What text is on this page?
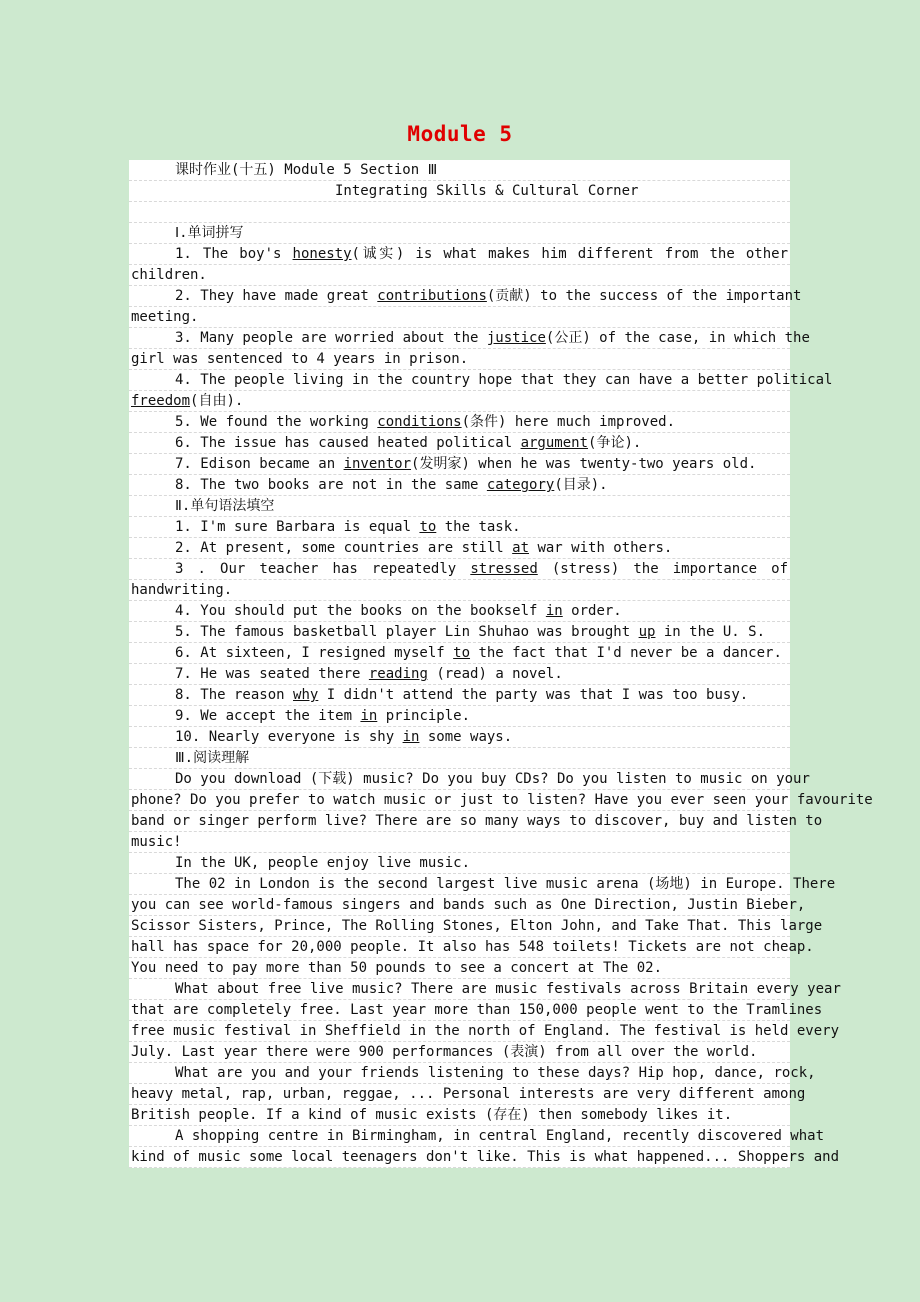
Module 5
课时作业(十五) Module 5 Section Ⅲ
Integrating Skills & Cultural Corner
Ⅰ.单词拼写
1. The boy's honesty(诚实) is what makes him different from the other
children.
2. They have made great contributions(贡献) to the success of the important
meeting.
3. Many people are worried about the justice(公正) of the case, in which the
girl was sentenced to 4 years in prison.
4. The people living in the country hope that they can have a better political
freedom(自由).
5. We found the working conditions(条件) here much improved.
6. The issue has caused heated political argument(争论).
7. Edison became an inventor(发明家) when he was twenty-two years old.
8. The two books are not in the same category(目录).
Ⅱ.单句语法填空
1. I'm sure Barbara is equal to the task.
2. At present, some countries are still at war with others.
3 . Our teacher has repeatedly stressed (stress) the importance of
handwriting.
4. You should put the books on the bookself in order.
5. The famous basketball player Lin Shuhao was brought up in the U. S.
6. At sixteen, I resigned myself to the fact that I'd never be a dancer.
7. He was seated there reading (read) a novel.
8. The reason why I didn't attend the party was that I was too busy.
9. We accept the item in principle.
10. Nearly everyone is shy in some ways.
Ⅲ.阅读理解
Do you download (下载) music? Do you buy CDs? Do you listen to music on your
phone? Do you prefer to watch music or just to listen? Have you ever seen your favourite
band or singer perform live? There are so many ways to discover, buy and listen to
music!
In the UK, people enjoy live music.
The 02 in London is the second largest live music arena (场地) in Europe. There
you can see world-famous singers and bands such as One Direction, Justin Bieber,
Scissor Sisters, Prince, The Rolling Stones, Elton John, and Take That. This large
hall has space for 20,000 people. It also has 548 toilets! Tickets are not cheap.
You need to pay more than 50 pounds to see a concert at The 02.
What about free live music? There are music festivals across Britain every year
that are completely free. Last year more than 150,000 people went to the Tramlines
free music festival in Sheffield in the north of England. The festival is held every
July. Last year there were 900 performances (表演) from all over the world.
What are you and your friends listening to these days? Hip hop, dance, rock,
heavy metal, rap, urban, reggae, ... Personal interests are very different among
British people. If a kind of music exists (存在) then somebody likes it.
A shopping centre in Birmingham, in central England, recently discovered what
kind of music some local teenagers don't like. This is what happened... Shoppers and
